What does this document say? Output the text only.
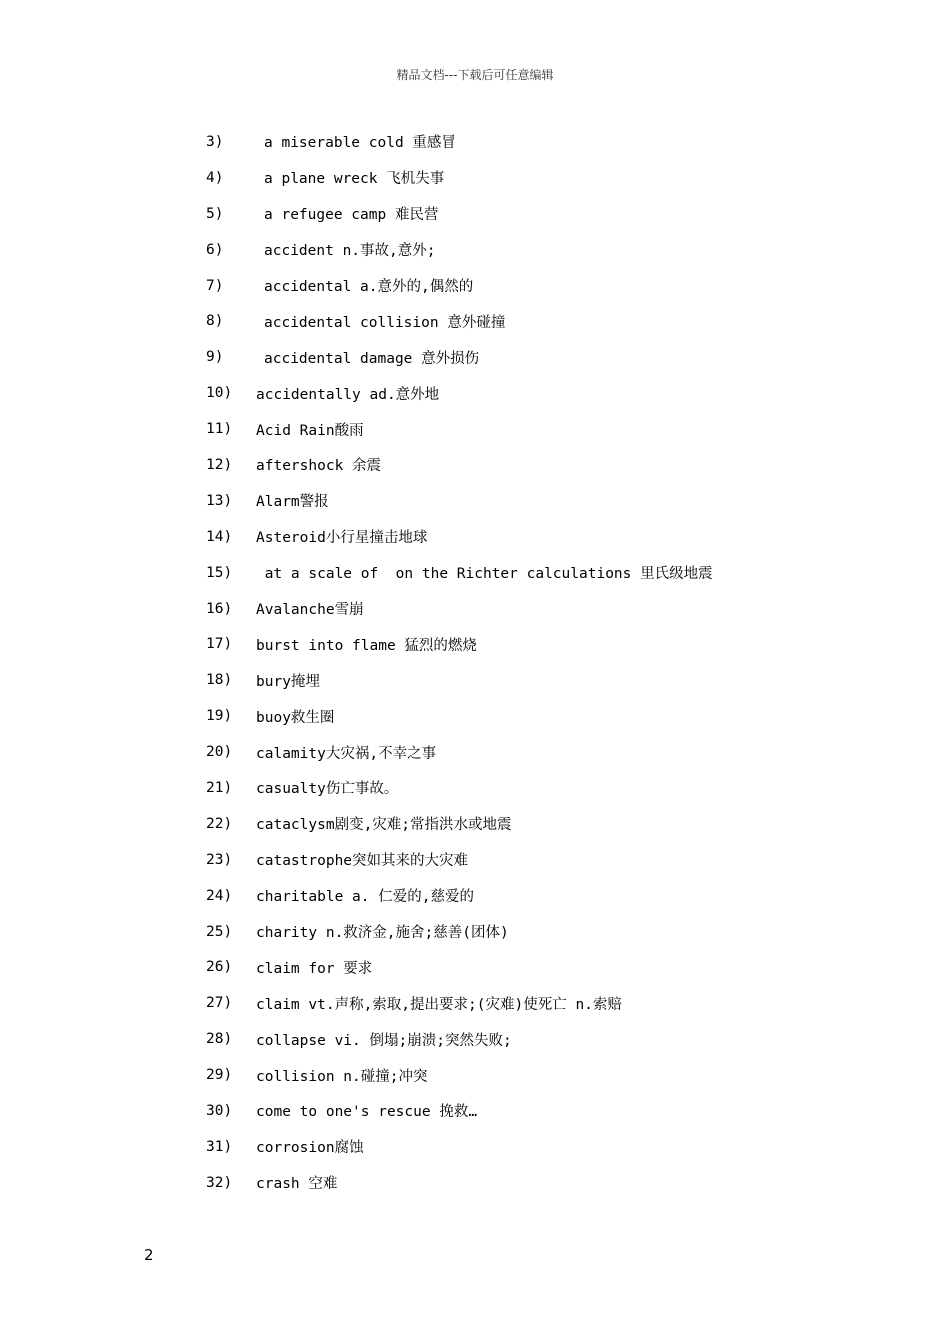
精品文档---下载后可任意编辑
3)	a miserable cold 重感冒
4)	a plane wreck 飞机失事
5)	a refugee camp 难民营
6)	accident n.事故,意外;
7)	accidental a.意外的,偶然的
8)	accidental collision 意外碰撞
9)	accidental damage 意外损伤
10)	accidentally ad.意外地
11)	Acid Rain酸雨
12)	aftershock 余震
13)	Alarm警报
14)	Asteroid小行星撞击地球
15)	at a scale of  on the Richter calculations 里氏级地震
16)	Avalanche雪崩
17)	burst into flame 猛烈的燃烧
18)	bury掩埋
19)	buoy救生圈
20)	calamity大灾祸,不幸之事
21)	casualty伤亡事故。
22)	cataclysm剧变,灾难;常指洪水或地震
23)	catastrophe突如其来的大灾难
24)	charitable a. 仁爱的,慈爱的
25)	charity n.救济金,施舍;慈善(团体)
26)	claim for 要求
27)	claim vt.声称,索取,提出要求;(灾难)使死亡 n.索赔
28)	collapse vi. 倒塌;崩溃;突然失败;
29)	collision n.碰撞;冲突
30)	come to one's rescue 挽救…
31)	corrosion腐蚀
32)	crash 空难
2
